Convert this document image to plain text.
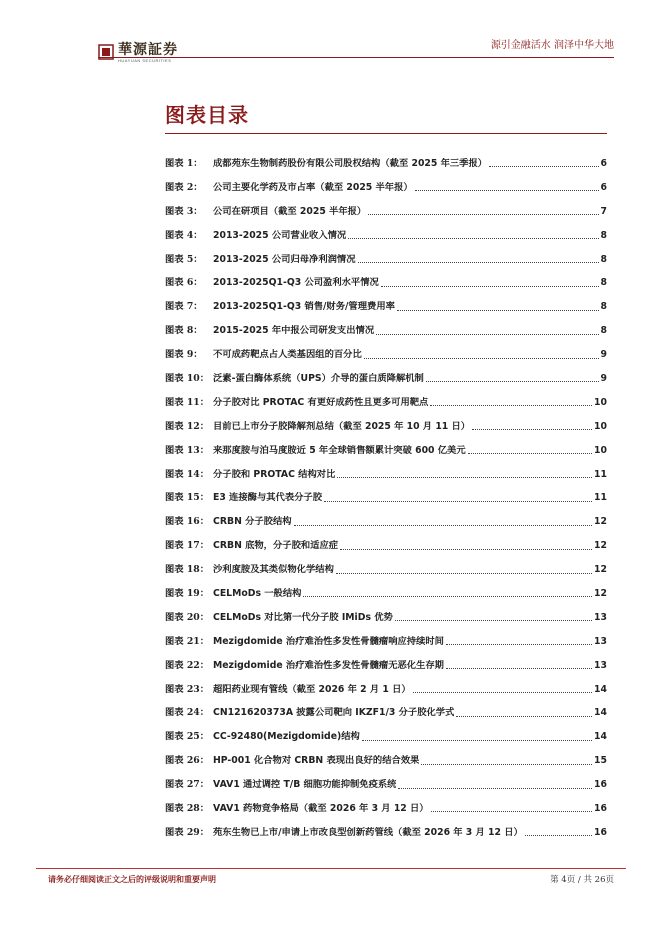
華源証券
HUAYUAN SECURITIES
源引金融活水 润泽中华大地
图表目录
图表 1：	成都苑东生物制药股份有限公司股权结构（截至 2025 年三季报）	6
图表 2：	公司主要化学药及市占率（截至 2025 半年报）	6
图表 3：	公司在研项目（截至 2025 半年报）	7
图表 4：	2013-2025 公司营业收入情况	8
图表 5：	2013-2025 公司归母净利润情况	8
图表 6：	2013-2025Q1-Q3 公司盈利水平情况	8
图表 7：	2013-2025Q1-Q3 销售/财务/管理费用率	8
图表 8：	2015-2025 年中报公司研发支出情况	8
图表 9：	不可成药靶点占人类基因组的百分比	9
图表 10： 泛素-蛋白酶体系统（UPS）介导的蛋白质降解机制	9
图表 11： 分子胶对比 PROTAC 有更好成药性且更多可用靶点	10
图表 12： 目前已上市分子胶降解剂总结（截至 2025 年 10 月 11 日）	10
图表 13： 来那度胺与泊马度胺近 5 年全球销售额累计突破 600 亿美元	10
图表 14： 分子胶和 PROTAC 结构对比	11
图表 15： E3 连接酶与其代表分子胶	11
图表 16： CRBN 分子胶结构	12
图表 17： CRBN 底物，分子胶和适应症	12
图表 18： 沙利度胺及其类似物化学结构	12
图表 19： CELMoDs 一般结构	12
图表 20： CELMoDs 对比第一代分子胶 IMiDs 优势	13
图表 21： Mezigdomide 治疗难治性多发性骨髓瘤响应持续时间	13
图表 22： Mezigdomide 治疗难治性多发性骨髓瘤无恶化生存期	13
图表 23： 超阳药业现有管线（截至 2026 年 2 月 1 日）	14
图表 24： CN121620373A 披露公司靶向 IKZF1/3 分子胶化学式	14
图表 25： CC-92480(Mezigdomide)结构	14
图表 26： HP-001 化合物对 CRBN 表现出良好的结合效果	15
图表 27： VAV1 通过调控 T/B 细胞功能抑制免疫系统	16
图表 28： VAV1 药物竞争格局（截至 2026 年 3 月 12 日）	16
图表 29： 苑东生物已上市/申请上市改良型创新药管线（截至 2026 年 3 月 12 日）	16
请务必仔细阅读正文之后的评级说明和重要声明	第 4页 / 共 26页
